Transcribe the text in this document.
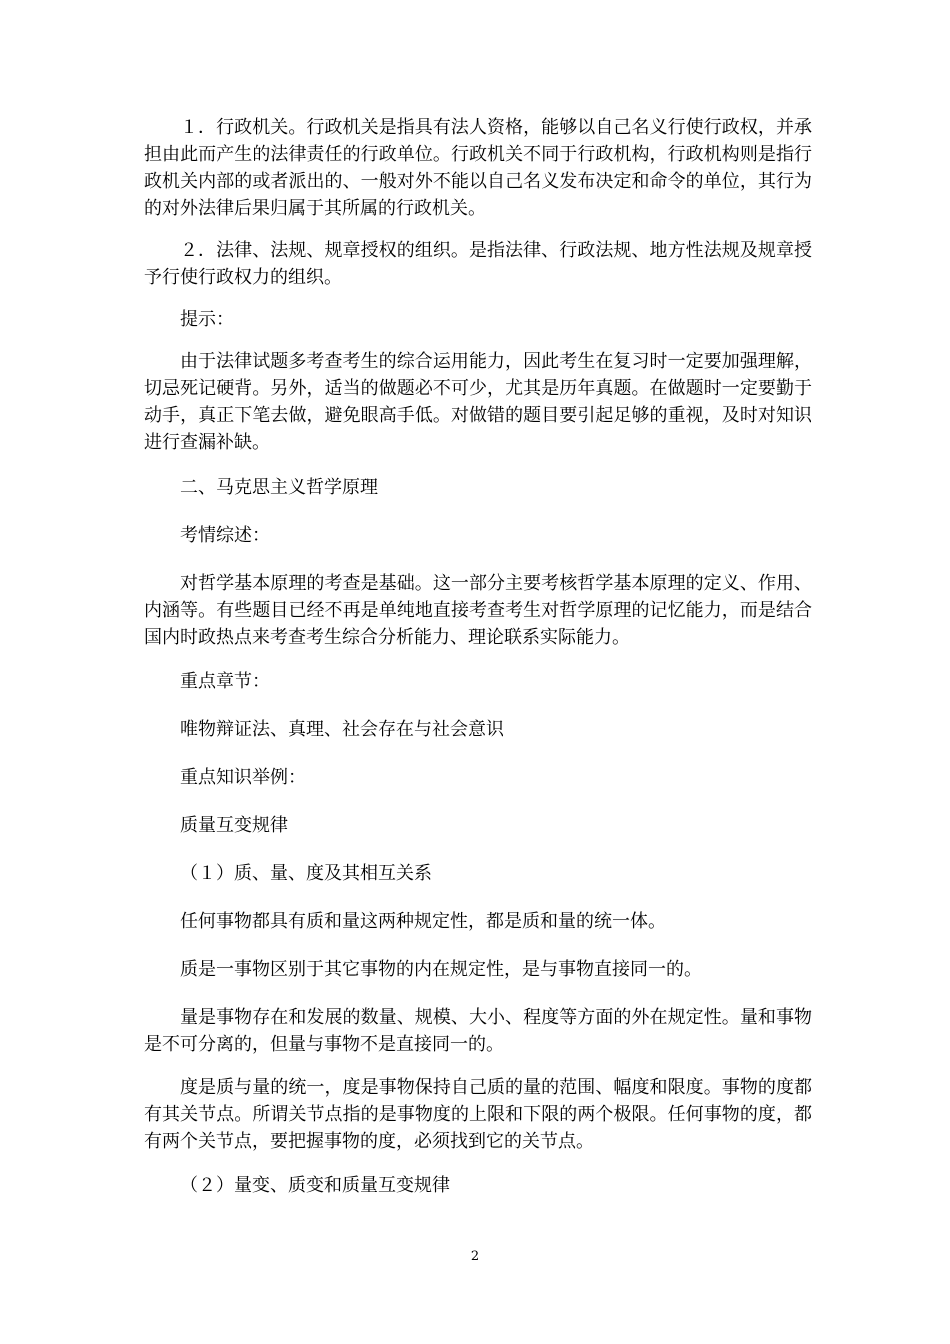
１．行政机关。行政机关是指具有法人资格，能够以自己名义行使行政权，并承担由此而产生的法律责任的行政单位。行政机关不同于行政机构，行政机构则是指行政机关内部的或者派出的、一般对外不能以自己名义发布决定和命令的单位，其行为的对外法律后果归属于其所属的行政机关。

２．法律、法规、规章授权的组织。是指法律、行政法规、地方性法规及规章授予行使行政权力的组织。

提示：

由于法律试题多考查考生的综合运用能力，因此考生在复习时一定要加强理解，切忌死记硬背。另外，适当的做题必不可少，尤其是历年真题。在做题时一定要勤于动手，真正下笔去做，避免眼高手低。对做错的题目要引起足够的重视，及时对知识进行查漏补缺。

二、马克思主义哲学原理

考情综述：

对哲学基本原理的考查是基础。这一部分主要考核哲学基本原理的定义、作用、内涵等。有些题目已经不再是单纯地直接考查考生对哲学原理的记忆能力，而是结合国内时政热点来考查考生综合分析能力、理论联系实际能力。

重点章节：

唯物辩证法、真理、社会存在与社会意识

重点知识举例：

质量互变规律

（１）质、量、度及其相互关系

任何事物都具有质和量这两种规定性，都是质和量的统一体。

质是一事物区别于其它事物的内在规定性，是与事物直接同一的。

量是事物存在和发展的数量、规模、大小、程度等方面的外在规定性。量和事物是不可分离的，但量与事物不是直接同一的。

度是质与量的统一，度是事物保持自己质的量的范围、幅度和限度。事物的度都有其关节点。所谓关节点指的是事物度的上限和下限的两个极限。任何事物的度，都有两个关节点，要把握事物的度，必须找到它的关节点。

（２）量变、质变和质量互变规律

2
